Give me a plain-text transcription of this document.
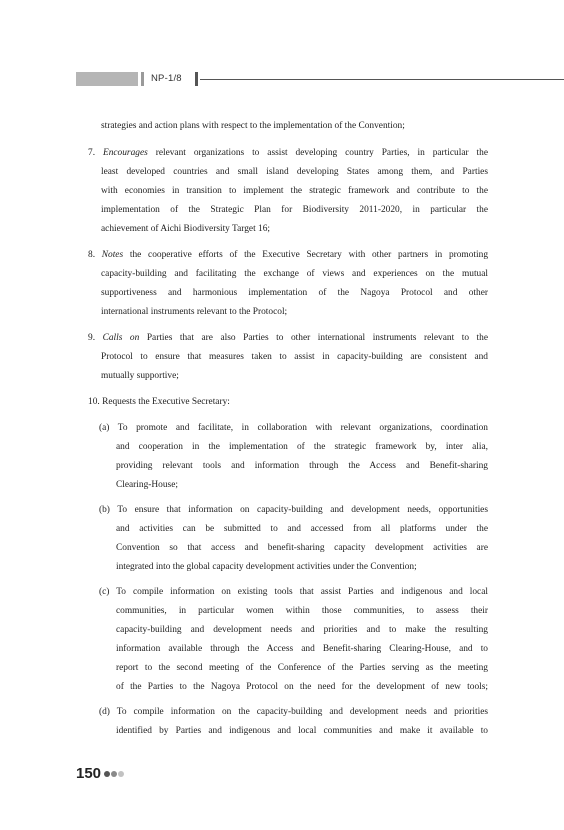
NP-1/8
strategies and action plans with respect to the implementation of the Convention;
7. Encourages relevant organizations to assist developing country Parties, in particular the
least developed countries and small island developing States among them, and Parties
with economies in transition to implement the strategic framework and contribute to the
implementation of the Strategic Plan for Biodiversity 2011-2020, in particular the
achievement of Aichi Biodiversity Target 16;
8. Notes the cooperative efforts of the Executive Secretary with other partners in promoting
capacity-building and facilitating the exchange of views and experiences on the mutual
supportiveness and harmonious implementation of the Nagoya Protocol and other
international instruments relevant to the Protocol;
9. Calls on Parties that are also Parties to other international instruments relevant to the
Protocol to ensure that measures taken to assist in capacity-building are consistent and
mutually supportive;
10. Requests the Executive Secretary:
(a) To promote and facilitate, in collaboration with relevant organizations, coordination
and cooperation in the implementation of the strategic framework by, inter alia,
providing relevant tools and information through the Access and Benefit-sharing
Clearing-House;
(b) To ensure that information on capacity-building and development needs, opportunities
and activities can be submitted to and accessed from all platforms under the
Convention so that access and benefit-sharing capacity development activities are
integrated into the global capacity development activities under the Convention;
(c) To compile information on existing tools that assist Parties and indigenous and local
communities, in particular women within those communities, to assess their
capacity-building and development needs and priorities and to make the resulting
information available through the Access and Benefit-sharing Clearing-House, and to
report to the second meeting of the Conference of the Parties serving as the meeting
of the Parties to the Nagoya Protocol on the need for the development of new tools;
(d) To compile information on the capacity-building and development needs and priorities
identified by Parties and indigenous and local communities and make it available to
150
